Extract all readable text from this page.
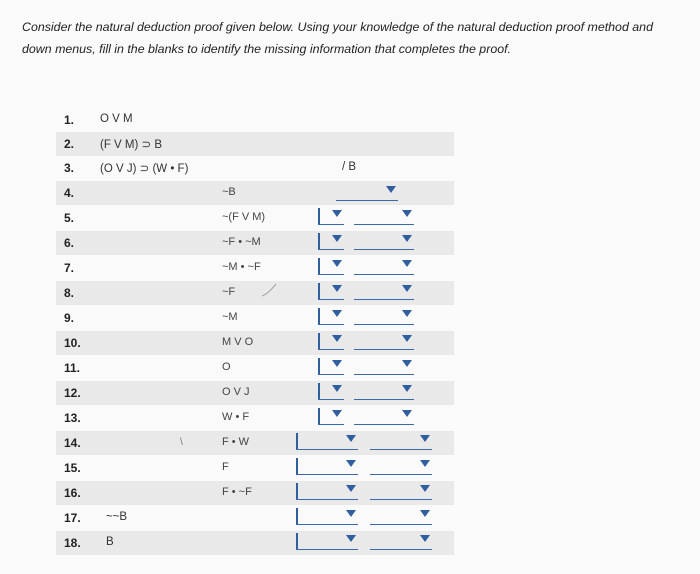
Consider the natural deduction proof given below. Using your knowledge of the natural deduction proof method and
down menus, fill in the blanks to identify the missing information that completes the proof.
1. O V M
2. (F V M) ⊃ B
3. (O V J) ⊃ (W • F)	/ B
4.	~B
5.	~(F V M)
6.	~F • ~M
7.	~M • ~F
8.	~F
9.	~M
10.	M V O
11.	O
12.	O V J
13.	W • F
14.	\	F • W
15.	F
16.	F • ~F
17. ~~B
18. B
